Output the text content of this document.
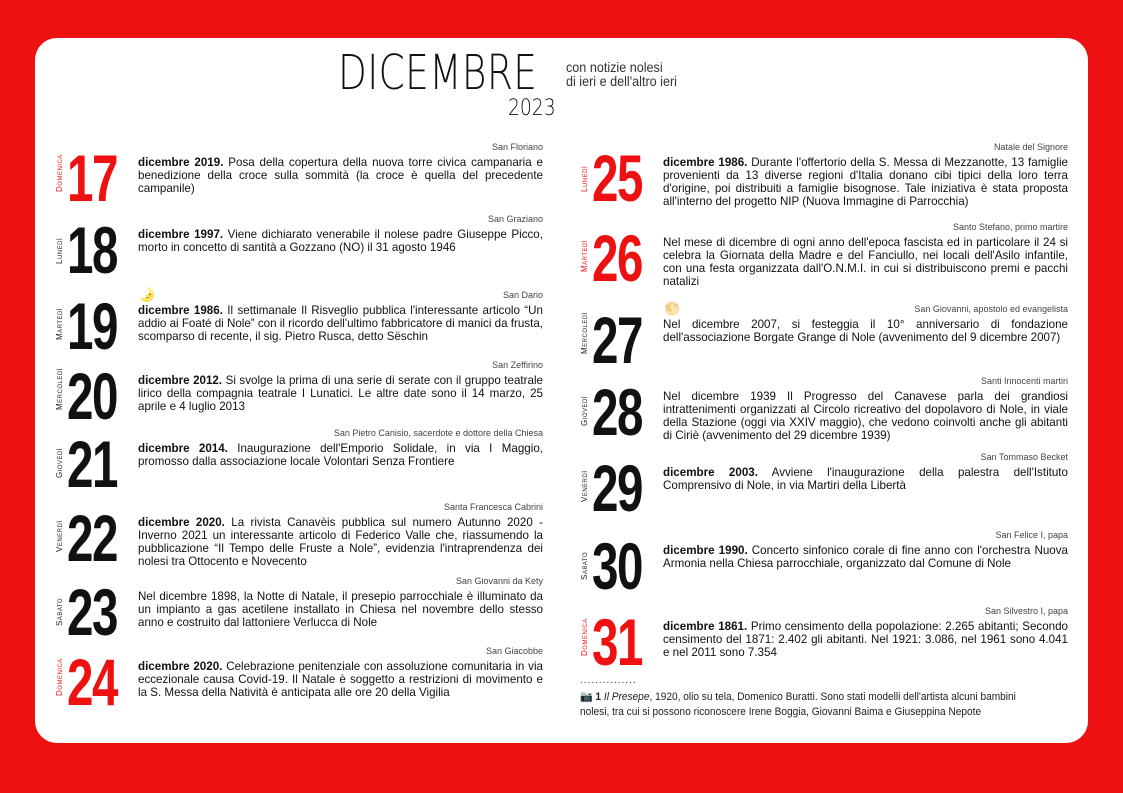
DICEMBRE con notizie nolesi
di ieri e dell'altro ieri
2023
Domenica 17	San Floriano
dicembre 2019. Posa della copertura della nuova torre civica campanaria e benedizione della croce sulla sommità (la croce è quella del precedente campanile)
Lunedì 18	San Graziano
dicembre 1997. Viene dichiarato venerabile il nolese padre Giuseppe Picco, morto in concetto di santità a Gozzano (NO) il 31 agosto 1946
Martedì 19 🌛	San Dario
dicembre 1986. Il settimanale Il Risveglio pubblica l'interessante articolo “Un addio ai Foaté di Nole” con il ricordo dell'ultimo fabbricatore di manici da frusta, scomparso di recente, il sig. Pietro Rusca, detto Sëschin
Mercoledì 20	San Zeffirino
dicembre 2012. Si svolge la prima di una serie di serate con il gruppo teatrale lirico della compagnia teatrale I Lunatici. Le altre date sono il 14 marzo, 25 aprile e 4 luglio 2013
Giovedì 21	San Pietro Canisio, sacerdote e dottore della Chiesa
dicembre 2014. Inaugurazione dell'Emporio Solidale, in via I Maggio, promosso dalla associazione locale Volontari Senza Frontiere
Venerdì 22	Santa Francesca Cabrini
dicembre 2020. La rivista Canavèis pubblica sul numero Autunno 2020 - Inverno 2021 un interessante articolo di Federico Valle che, riassumendo la pubblicazione “Il Tempo delle Fruste a Nole”, evidenzia l'intraprendenza dei nolesi tra Ottocento e Novecento
Sabato 23	San Giovanni da Kety
Nel dicembre 1898, la Notte di Natale, il presepio parrocchiale è illuminato da un impianto a gas acetilene installato in Chiesa nel novembre dello stesso anno e costruito dal lattoniere Verlucca di Nole
Domenica 24	San Giacobbe
dicembre 2020. Celebrazione penitenziale con assoluzione comunitaria in via eccezionale causa Covid-19. Il Natale è soggetto a restrizioni di movimento e la S. Messa della Natività è anticipata alle ore 20 della Vigilia
Lunedì 25	Natale del Signore
dicembre 1986. Durante l'offertorio della S. Messa di Mezzanotte, 13 famiglie provenienti da 13 diverse regioni d'Italia donano cibi tipici della loro terra d'origine, poi distribuiti a famiglie bisognose. Tale iniziativa è stata proposta all'interno del progetto NIP (Nuova Immagine di Parrocchia)
Martedì 26	Santo Stefano, primo martire
Nel mese di dicembre di ogni anno dell'epoca fascista ed in particolare il 24 si celebra la Giornata della Madre e del Fanciullo, nei locali dell'Asilo infantile, con una festa organizzata dall'O.N.M.I. in cui si distribuiscono premi e pacchi natalizi
Mercoledì 27 🌕	San Giovanni, apostolo ed evangelista
Nel dicembre 2007, si festeggia il 10° anniversario di fondazione dell'associazione Borgate Grange di Nole (avvenimento del 9 dicembre 2007)
Giovedì 28	Santi Innocenti martiri
Nel dicembre 1939 Il Progresso del Canavese parla dei grandiosi intrattenimenti organizzati al Circolo ricreativo del dopolavoro di Nole, in viale della Stazione (oggi via XXIV maggio), che vedono coinvolti anche gli abitanti di Ciriè (avvenimento del 29 dicembre 1939)
Venerdì 29	San Tommaso Becket
dicembre 2003. Avviene l'inaugurazione della palestra dell'Istituto Comprensivo di Nole, in via Martiri della Libertà
Sabato 30	San Felice I, papa
dicembre 1990. Concerto sinfonico corale di fine anno con l'orchestra Nuova Armonia nella Chiesa parrocchiale, organizzato dal Comune di Nole
Domenica 31	San Silvestro I, papa
dicembre 1861. Primo censimento della popolazione: 2.265 abitanti; Secondo censimento del 1871: 2.402 gli abitanti. Nel 1921: 3.086, nel 1961 sono 4.041 e nel 2011 sono 7.354
...............
📷 1 Il Presepe, 1920, olio su tela, Domenico Buratti. Sono stati modelli dell'artista alcuni bambini nolesi, tra cui si possono riconoscere Irene Boggia, Giovanni Baima e Giuseppina Nepote
